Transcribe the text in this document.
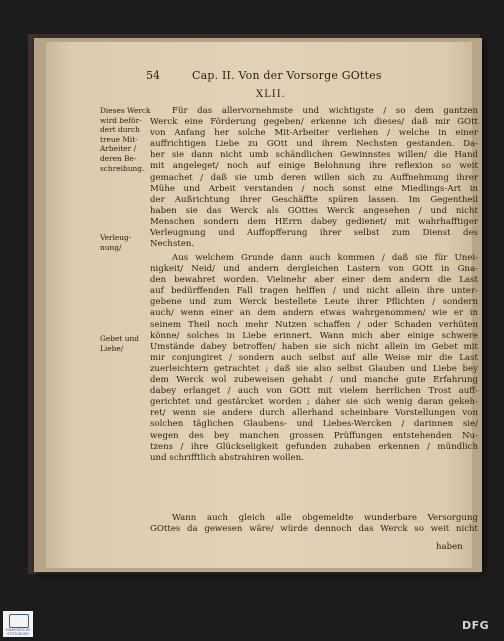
54	Cap. II. Von der Vorsorge GOttes
XLII.
Dieses Werck
wird beför-
dert durch
treue Mit-
Arbeiter /
deren Be-
schreibung.
Verleug-
nung/
Gebet und
Liebe/
Für das allervornehmste und wichtigste / so dem gantzen
Werck eine Förderung gegeben/ erkenne ich dieses/ daß mir GOtt
von Anfang her solche Mit-Arbeiter verliehen / welche in einer
auffrichtigen Liebe zu GOtt und ihrem Nechsten gestanden. Da-
her sie dann nicht umb schändlichen Gewinnstes willen/ die Hand
mit angeleget/ noch auf einige Belohnung ihre reflexion so weit
gemachet / daß sie umb deren willen sich zu Auffnehmung ihrer
Mühe und Arbeit verstanden / noch sonst eine Miedlings-Art in
der Außrichtung ihrer Geschäffte spüren lassen. Im Gegentheil
haben sie das Werck als GOttes Werck angesehen / und nicht
Menschen sondern dem HErrn dabey gedienet/ mit wahrhafftiger
Verleugnung und Auffopfferung ihrer selbst zum Dienst des
Nechsten.
Aus welchem Grunde dann auch kommen / daß sie für Unei-
nigkeit/ Neid/ und andern dergleichen Lastern von GOtt in Gna-
den bewahret worden. Vielmehr aber einer dem andern die Last
auf bedürffenden Fall tragen helffen / und nicht allein ihre unter-
gebene und zum Werck bestellete Leute ihrer Pflichten / sondern
auch/ wenn einer an dem andern etwas wahrgenommen/ wie er in
seinem Theil noch mehr Nutzen schaffen / oder Schaden verhüten
könne/ solches in Liebe erinnert. Wann mich aber einige schwere
Umstände dabey betroffen/ haben sie sich nicht allein im Gebet mit
mir conjungiret / sondern auch selbst auf alle Weise mir die Last
zuerleichtern getrachtet ; daß sie also selbst Glauben und Liebe bey
dem Werck wol zubeweisen gehabt / und manche gute Erfahrung
dabey erlanget / auch von GOtt mit vielem herrlichen Trost auff-
gerichtet und gestärcket worden ; daher sie sich wenig daran gekeh-
ret/ wenn sie andere durch allerhand scheinbare Vorstellungen von
solchen täglichen Glaubens- und Liebes-Wercken / darinnen sie/
wegen des bey manchen grossen Prüffungen entstehenden Nu-
tzens / ihre Glückseligkeit gefunden zuhaben erkennen / mündlich
und schrifftlich abstrahiren wollen.
Wann auch gleich alle obgemeldte wunderbare Versorgung
GOttes da gewesen wäre/ würde dennoch das Werck so weit nicht
haben
FRANCKESCHE STIFTUNGEN
DFG
